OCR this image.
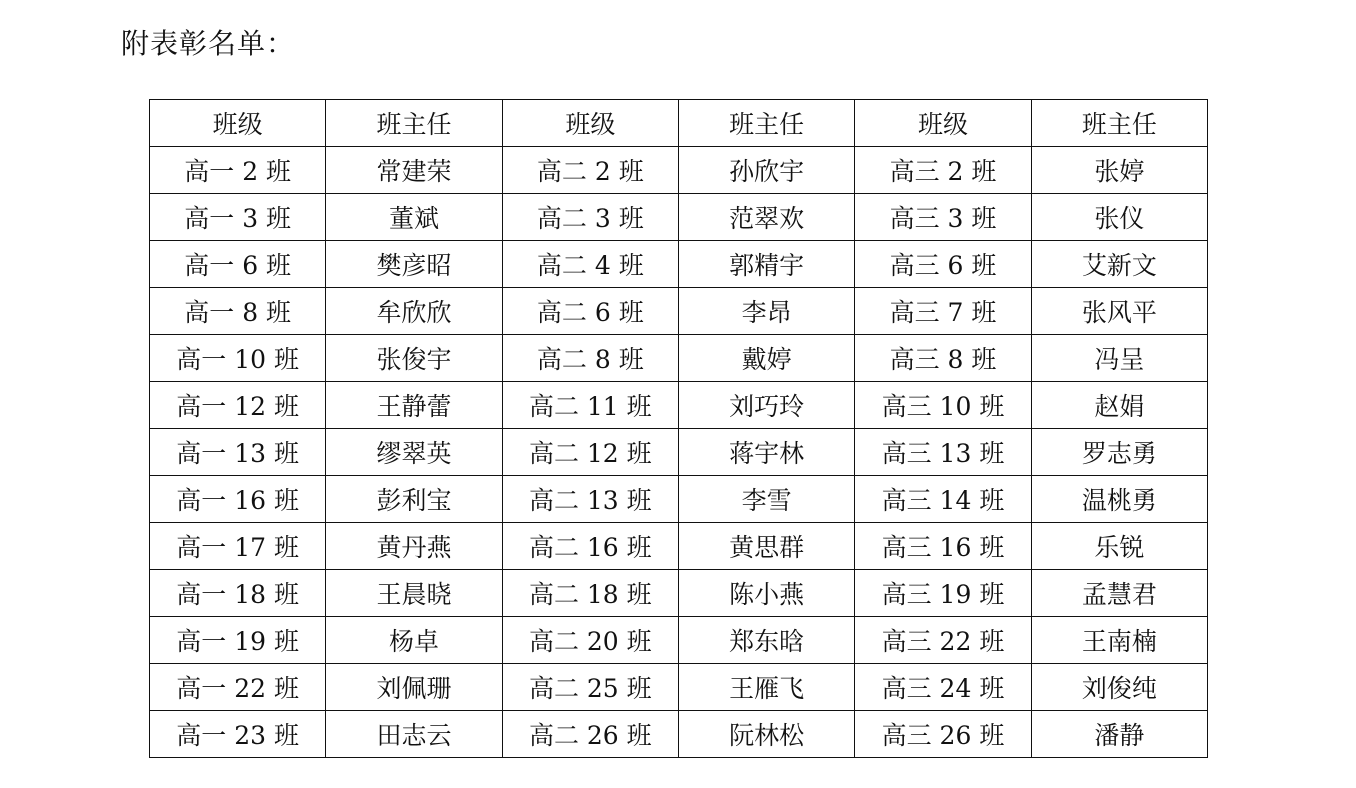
附表彰名单：
班级	班主任	班级	班主任	班级	班主任
高一 2 班	常建荣	高二 2 班	孙欣宇	高三 2 班	张婷
高一 3 班	董斌	高二 3 班	范翠欢	高三 3 班	张仪
高一 6 班	樊彦昭	高二 4 班	郭精宇	高三 6 班	艾新文
高一 8 班	牟欣欣	高二 6 班	李昂	高三 7 班	张风平
高一 10 班	张俊宇	高二 8 班	戴婷	高三 8 班	冯呈
高一 12 班	王静蕾	高二 11 班	刘巧玲	高三 10 班	赵娟
高一 13 班	缪翠英	高二 12 班	蒋宇林	高三 13 班	罗志勇
高一 16 班	彭利宝	高二 13 班	李雪	高三 14 班	温桃勇
高一 17 班	黄丹燕	高二 16 班	黄思群	高三 16 班	乐锐
高一 18 班	王晨晓	高二 18 班	陈小燕	高三 19 班	孟慧君
高一 19 班	杨卓	高二 20 班	郑东晗	高三 22 班	王南楠
高一 22 班	刘佩珊	高二 25 班	王雁飞	高三 24 班	刘俊纯
高一 23 班	田志云	高二 26 班	阮林松	高三 26 班	潘静
